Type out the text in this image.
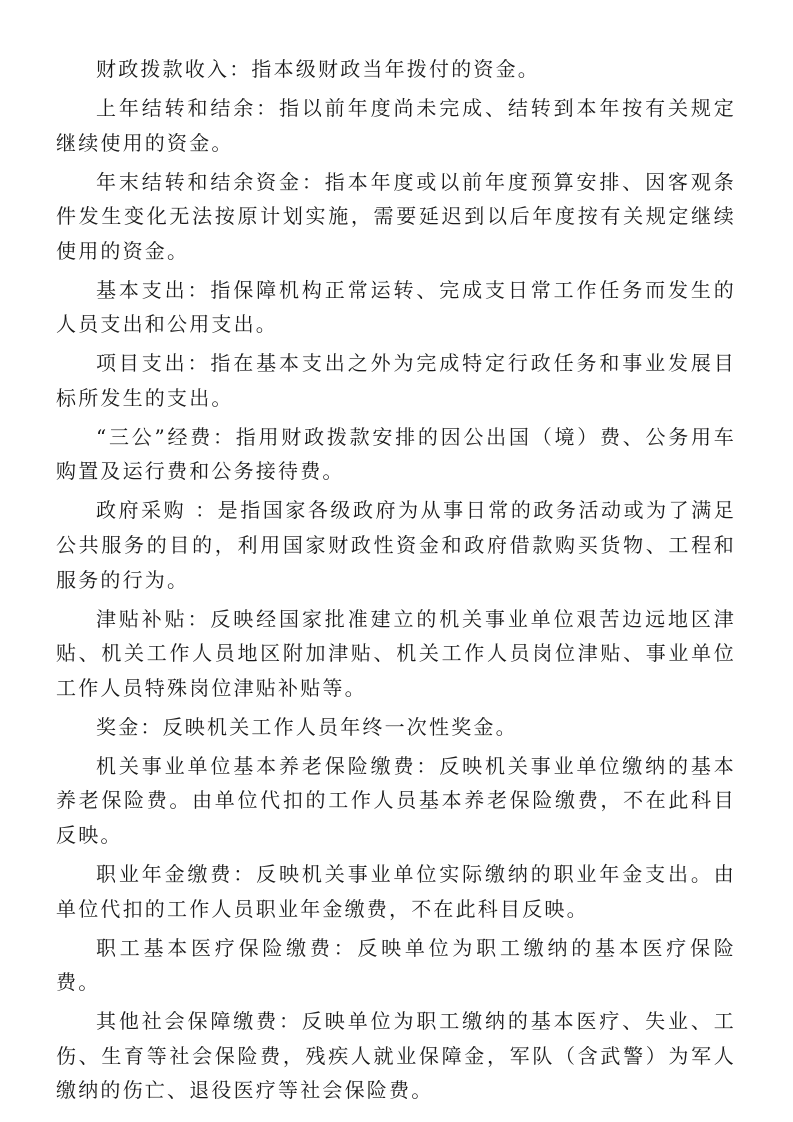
财政拨款收入：指本级财政当年拨付的资金。

上年结转和结余：指以前年度尚未完成、结转到本年按有关规定继续使用的资金。

年末结转和结余资金：指本年度或以前年度预算安排、因客观条件发生变化无法按原计划实施，需要延迟到以后年度按有关规定继续使用的资金。

基本支出：指保障机构正常运转、完成支日常工作任务而发生的人员支出和公用支出。

项目支出：指在基本支出之外为完成特定行政任务和事业发展目标所发生的支出。

“三公”经费：指用财政拨款安排的因公出国（境）费、公务用车购置及运行费和公务接待费。

政府采购 ：是指国家各级政府为从事日常的政务活动或为了满足公共服务的目的，利用国家财政性资金和政府借款购买货物、工程和服务的行为。

津贴补贴：反映经国家批准建立的机关事业单位艰苦边远地区津贴、机关工作人员地区附加津贴、机关工作人员岗位津贴、事业单位工作人员特殊岗位津贴补贴等。

奖金：反映机关工作人员年终一次性奖金。

机关事业单位基本养老保险缴费：反映机关事业单位缴纳的基本养老保险费。由单位代扣的工作人员基本养老保险缴费，不在此科目反映。

职业年金缴费：反映机关事业单位实际缴纳的职业年金支出。由单位代扣的工作人员职业年金缴费，不在此科目反映。

职工基本医疗保险缴费：反映单位为职工缴纳的基本医疗保险费。

其他社会保障缴费：反映单位为职工缴纳的基本医疗、失业、工伤、生育等社会保险费，残疾人就业保障金，军队（含武警）为军人缴纳的伤亡、退役医疗等社会保险费。
